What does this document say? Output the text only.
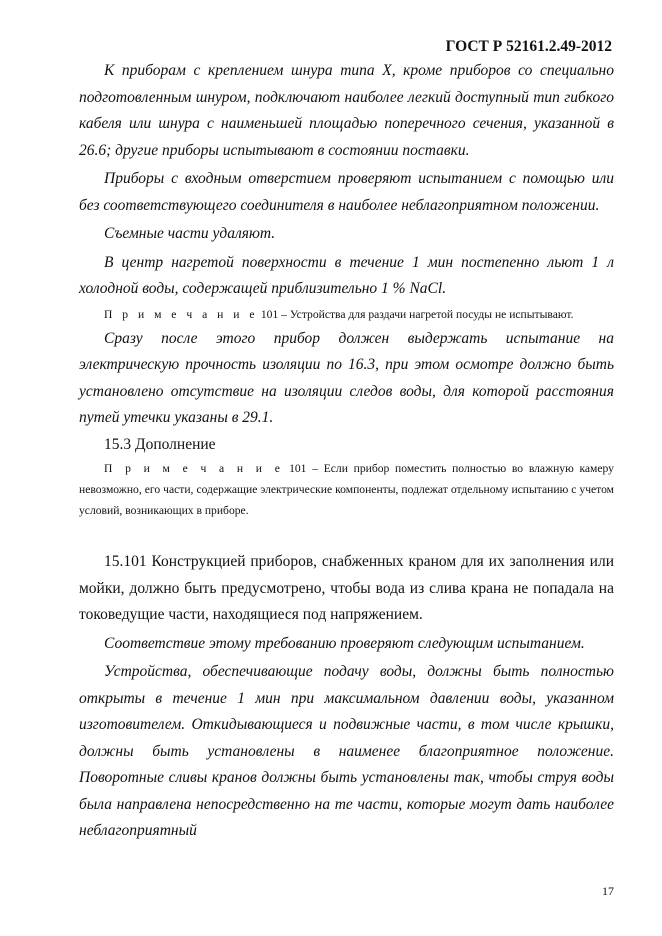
ГОСТ Р 52161.2.49-2012

К приборам с креплением шнура типа X, кроме приборов со специально подготовленным шнуром, подключают наиболее легкий доступный тип гибкого кабеля или шнура с наименьшей площадью поперечного сечения, указанной в 26.6; другие приборы испытывают в состоянии поставки.

Приборы с входным отверстием проверяют испытанием с помощью или без соответствующего соединителя в наиболее неблагоприятном положении.

Съемные части удаляют.

В центр нагретой поверхности в течение 1 мин постепенно льют 1 л холодной воды, содержащей приблизительно 1 % NaCl.

П р и м е ч а н и е 101 – Устройства для раздачи нагретой посуды не испытывают.

Сразу после этого прибор должен выдержать испытание на электрическую прочность изоляции по 16.3, при этом осмотре должно быть установлено отсутствие на изоляции следов воды, для которой расстояния путей утечки указаны в 29.1.

15.3 Дополнение

П р и м е ч а н и е 101 – Если прибор поместить полностью во влажную камеру невозможно, его части, содержащие электрические компоненты, подлежат отдельному испытанию с учетом условий, возникающих в приборе.

15.101 Конструкцией приборов, снабженных краном для их заполнения или мойки, должно быть предусмотрено, чтобы вода из слива крана не попадала на токоведущие части, находящиеся под напряжением.

Соответствие этому требованию проверяют следующим испытанием.

Устройства, обеспечивающие подачу воды, должны быть полностью открыты в течение 1 мин при максимальном давлении воды, указанном изготовителем. Откидывающиеся и подвижные части, в том числе крышки, должны быть установлены в наименее благоприятное положение. Поворотные сливы кранов должны быть установлены так, чтобы струя воды была направлена непосредственно на те части, которые могут дать наиболее неблагоприятный

17
